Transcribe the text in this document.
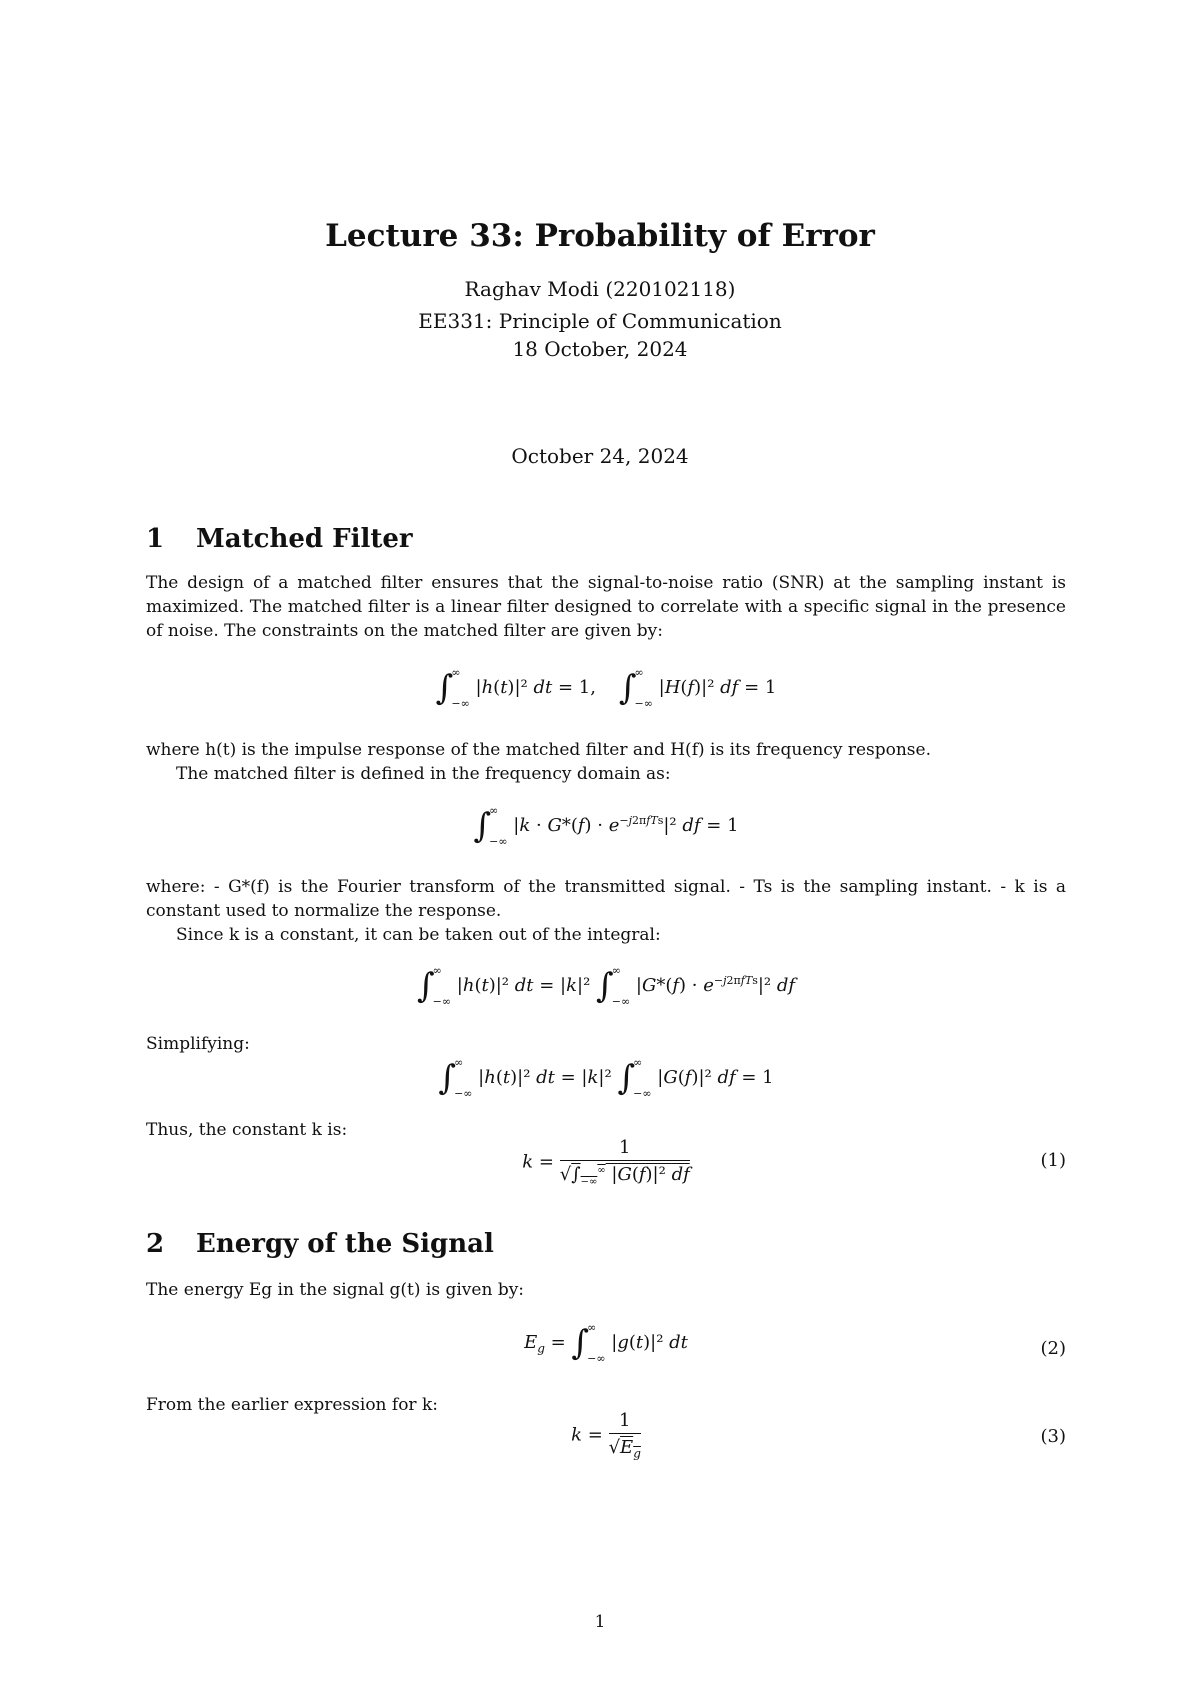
Lecture 33: Probability of Error
Raghav Modi (220102118)
EE331: Principle of Communication
18 October, 2024
October 24, 2024
1 Matched Filter
The design of a matched filter ensures that the signal-to-noise ratio (SNR) at the sampling instant is maximized. The matched filter is a linear filter designed to correlate with a specific signal in the presence of noise. The constraints on the matched filter are given by:
∫
∞
−∞
|h(t)|² dt = 1,    ∫
∞
−∞
|H(f)|² df = 1
where h(t) is the impulse response of the matched filter and H(f) is its frequency response.
The matched filter is defined in the frequency domain as:
∫
∞
−∞
$|k \cdot G*(f) \cdot e^{-j2\pi fTs}|^2$ df = 1
where: - G*(f) is the Fourier transform of the transmitted signal. - Ts is the sampling instant. - k is a constant used to normalize the response.
Since k is a constant, it can be taken out of the integral:
∫
∞
−∞
|h(t)|² dt = |k|² ∫
∞
−∞
$|G*(f) \cdot e^{-j2\pi fTs}|^2$ df
Simplifying:
∫
∞
−∞
|h(t)|² dt = |k|² ∫
∞
−∞
|G(f)|² df = 1
Thus, the constant k is:
$k = \frac{1}{√\int_{-\infty}^\infty |G(f)|^2 df}$	(1)
2 Energy of the Signal
The energy Eg in the signal g(t) is given by:
$E_g$ = ∫
∞
−∞
|g(t)|² dt	(2)
From the earlier expression for k:
$k = \frac{1}{√E_g}$	(3)
1
